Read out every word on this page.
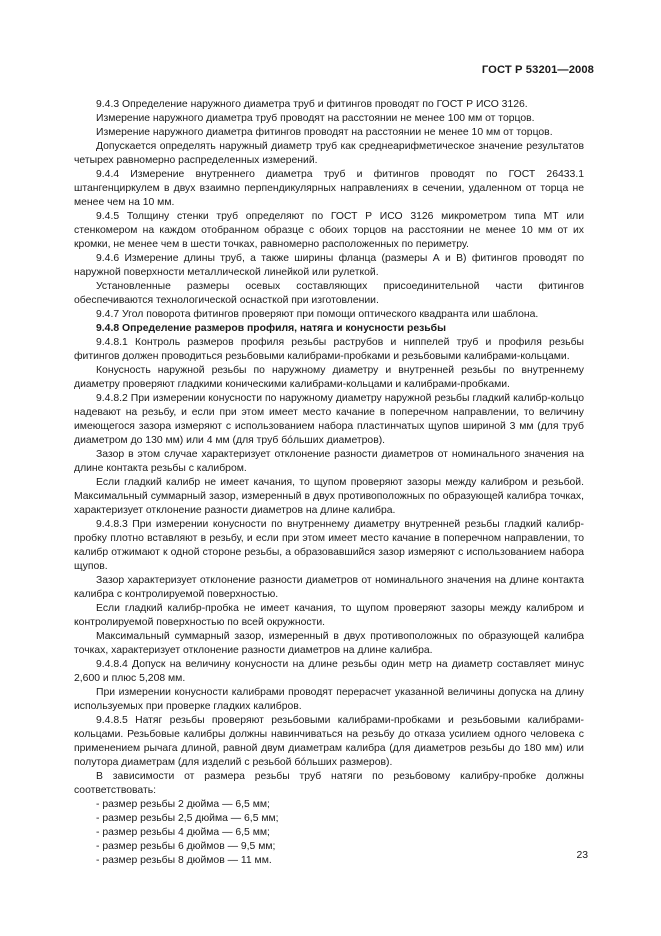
ГОСТ Р 53201—2008

9.4.3 Определение наружного диаметра труб и фитингов проводят по ГОСТ Р ИСО 3126.

Измерение наружного диаметра труб проводят на расстоянии не менее 100 мм от торцов.

Измерение наружного диаметра фитингов проводят на расстоянии не менее 10 мм от торцов.

Допускается определять наружный диаметр труб как среднеарифметическое значение результатов четырех равномерно распределенных измерений.

9.4.4 Измерение внутреннего диаметра труб и фитингов проводят по ГОСТ 26433.1 штангенциркулем в двух взаимно перпендикулярных направлениях в сечении, удаленном от торца не менее чем на 10 мм.

9.4.5 Толщину стенки труб определяют по ГОСТ Р ИСО 3126 микрометром типа МТ или стенкомером на каждом отобранном образце с обоих торцов на расстоянии не менее 10 мм от их кромки, не менее чем в шести точках, равномерно расположенных по периметру.

9.4.6 Измерение длины труб, а также ширины фланца (размеры А и В) фитингов проводят по наружной поверхности металлической линейкой или рулеткой.

Установленные размеры осевых составляющих присоединительной части фитингов обеспечиваются технологической оснасткой при изготовлении.

9.4.7 Угол поворота фитингов проверяют при помощи оптического квадранта или шаблона.

9.4.8 Определение размеров профиля, натяга и конусности резьбы

9.4.8.1 Контроль размеров профиля резьбы раструбов и ниппелей труб и профиля резьбы фитингов должен проводиться резьбовыми калибрами-пробками и резьбовыми калибрами-кольцами.

Конусность наружной резьбы по наружному диаметру и внутренней резьбы по внутреннему диаметру проверяют гладкими коническими калибрами-кольцами и калибрами-пробками.

9.4.8.2 При измерении конусности по наружному диаметру наружной резьбы гладкий калибр-кольцо надевают на резьбу, и если при этом имеет место качание в поперечном направлении, то величину имеющегося зазора измеряют с использованием набора пластинчатых щупов шириной 3 мм (для труб диаметром до 130 мм) или 4 мм (для труб бóльших диаметров).

Зазор в этом случае характеризует отклонение разности диаметров от номинального значения на длине контакта резьбы с калибром.

Если гладкий калибр не имеет качания, то щупом проверяют зазоры между калибром и резьбой. Максимальный суммарный зазор, измеренный в двух противоположных по образующей калибра точках, характеризует отклонение разности диаметров на длине калибра.

9.4.8.3 При измерении конусности по внутреннему диаметру внутренней резьбы гладкий калибр-пробку плотно вставляют в резьбу, и если при этом имеет место качание в поперечном направлении, то калибр отжимают к одной стороне резьбы, а образовавшийся зазор измеряют с использованием набора щупов.

Зазор характеризует отклонение разности диаметров от номинального значения на длине контакта калибра с контролируемой поверхностью.

Если гладкий калибр-пробка не имеет качания, то щупом проверяют зазоры между калибром и контролируемой поверхностью по всей окружности.

Максимальный суммарный зазор, измеренный в двух противоположных по образующей калибра точках, характеризует отклонение разности диаметров на длине калибра.

9.4.8.4 Допуск на величину конусности на длине резьбы один метр на диаметр составляет минус 2,600 и плюс 5,208 мм.

При измерении конусности калибрами проводят перерасчет указанной величины допуска на длину используемых при проверке гладких калибров.

9.4.8.5 Натяг резьбы проверяют резьбовыми калибрами-пробками и резьбовыми калибрами-кольцами. Резьбовые калибры должны навинчиваться на резьбу до отказа усилием одного человека с применением рычага длиной, равной двум диаметрам калибра (для диаметров резьбы до 180 мм) или полутора диаметрам (для изделий с резьбой бóльших размеров).

В зависимости от размера резьбы труб натяги по резьбовому калибру-пробке должны соответствовать:

- размер резьбы 2 дюйма — 6,5 мм;

- размер резьбы 2,5 дюйма — 6,5 мм;

- размер резьбы 4 дюйма — 6,5 мм;

- размер резьбы 6 дюймов — 9,5 мм;

- размер резьбы 8 дюймов — 11 мм.	23
